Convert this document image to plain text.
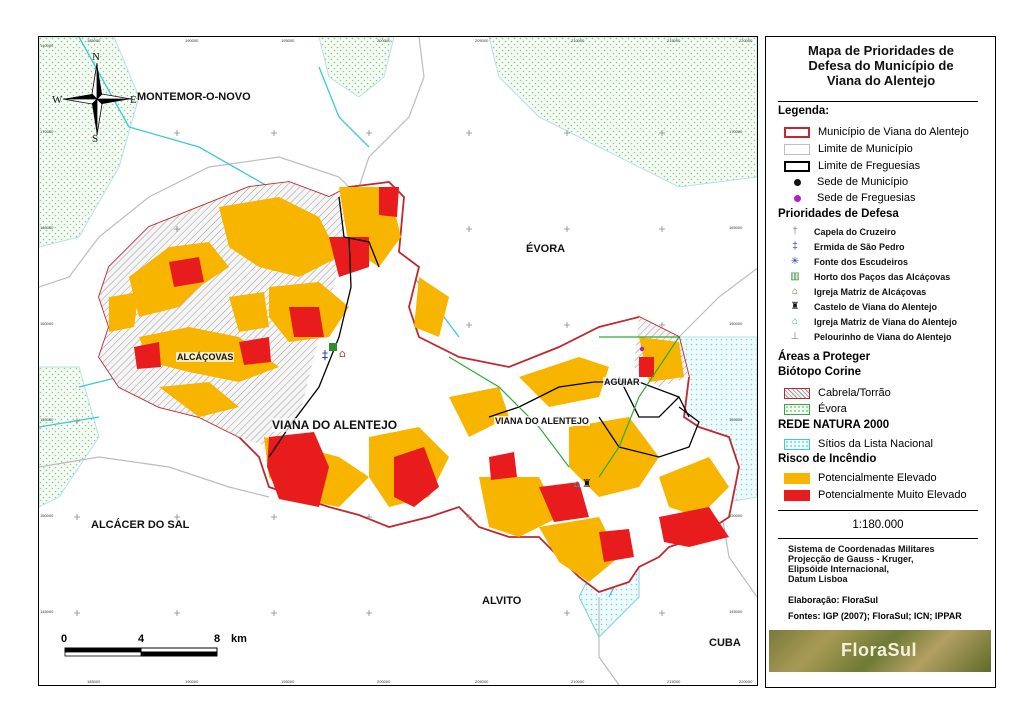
‡ ⌂
♜
⌂
N
S
E
W	MONTEMOR-O-NOVO
ÉVORA
ALCÁCER DO SAL
ALVITO
CUBA
ALCÁÇOVAS
VIANA DO ALENTEJO	VIANA DO ALENTEJO
AGUIAR
0	4	8 km
185000	190000	195000	200000	205000	210000	215000	220000
185000	190000	195000	200000	205000	210000	215000	220000
170000
165000
160000
155000
150000
145000
140000
170000
165000
160000
155000
150000
145000
Mapa de Prioridades de
Defesa do Município de
Viana do Alentejo
Legenda:
Município de Viana do Alentejo
Limite de Município
Limite de Freguesias
Sede de Município
Sede de Freguesias
Prioridades de Defesa
†	Capela do Cruzeiro
‡	Ermida de São Pedro
✳	Fonte dos Escudeiros
▥ Horto dos Paços das Alcáçovas
⌂	Igreja Matriz de Alcáçovas
♜ Castelo de Viana do Alentejo
⌂	Igreja Matriz de Viana do Alentejo
⊥ Pelourinho de Viana do Alentejo
Áreas a Proteger
Biótopo Corine
Cabrela/Torrão
Évora
REDE NATURA 2000
Sítios da Lista Nacional
Risco de Incêndio
Potencialmente Elevado
Potencialmente Muito Elevado
1:180.000
Sistema de Coordenadas Militares
Projecção de Gauss - Kruger,
Elipsóide Internacional,
Datum Lisboa
Elaboração: FloraSul
Fontes: IGP (2007); FloraSul; ICN; IPPAR
FloraSul
